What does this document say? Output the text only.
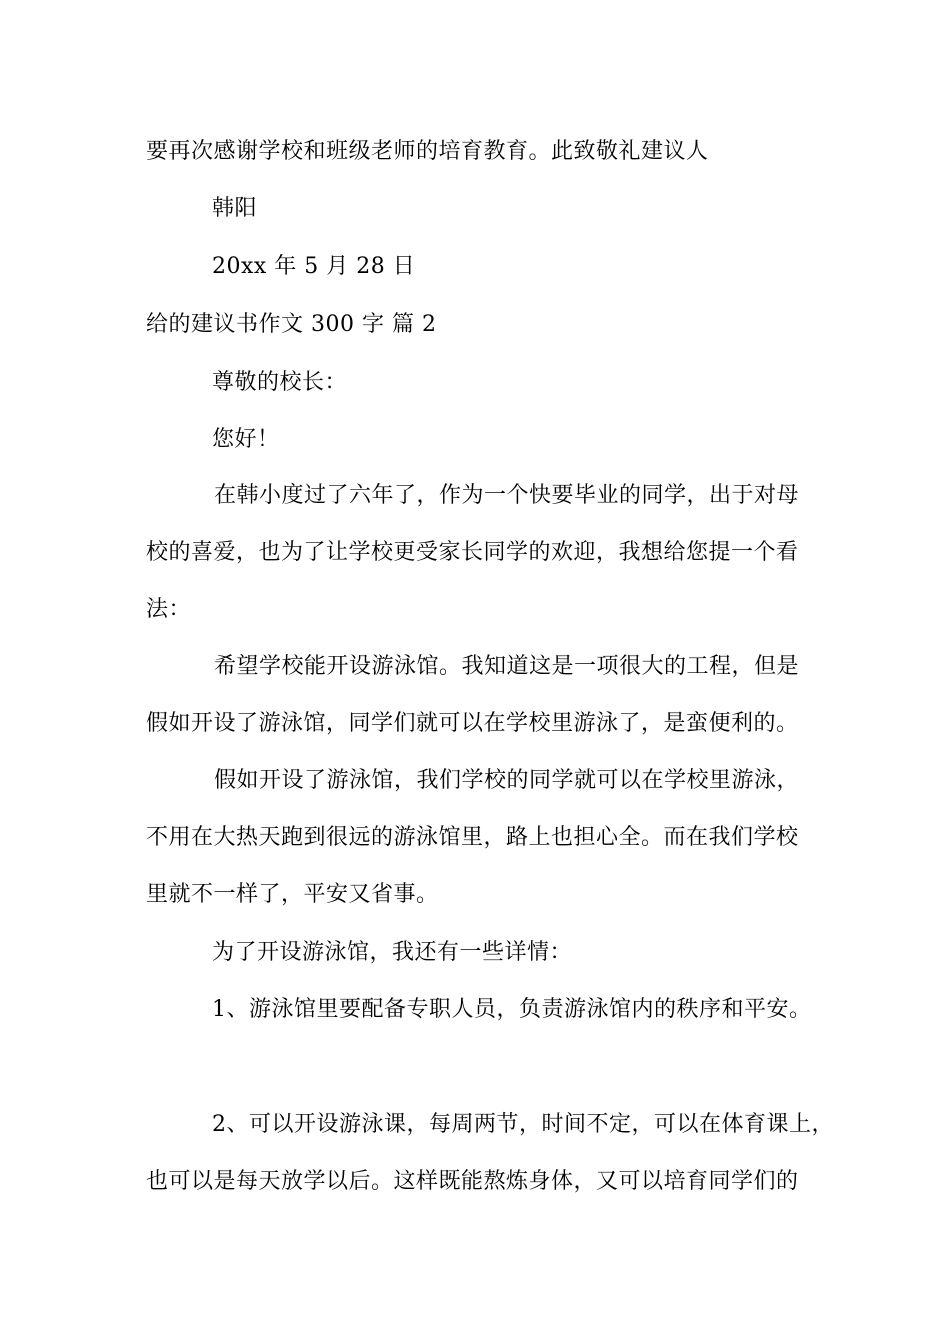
要再次感谢学校和班级老师的培育教育。此致敬礼建议人
韩阳
20xx 年 5 月 28 日
给的建议书作文 300 字 篇 2
尊敬的校长：
您好！
在韩小度过了六年了，作为一个快要毕业的同学，出于对母
校的喜爱，也为了让学校更受家长同学的欢迎，我想给您提一个看
法：
希望学校能开设游泳馆。我知道这是一项很大的工程，但是
假如开设了游泳馆，同学们就可以在学校里游泳了，是蛮便利的。
假如开设了游泳馆，我们学校的同学就可以在学校里游泳，
不用在大热天跑到很远的游泳馆里，路上也担心全。而在我们学校
里就不一样了，平安又省事。
为了开设游泳馆，我还有一些详情：
1、游泳馆里要配备专职人员，负责游泳馆内的秩序和平安。
2、可以开设游泳课，每周两节，时间不定，可以在体育课上，
也可以是每天放学以后。这样既能熬炼身体，又可以培育同学们的
